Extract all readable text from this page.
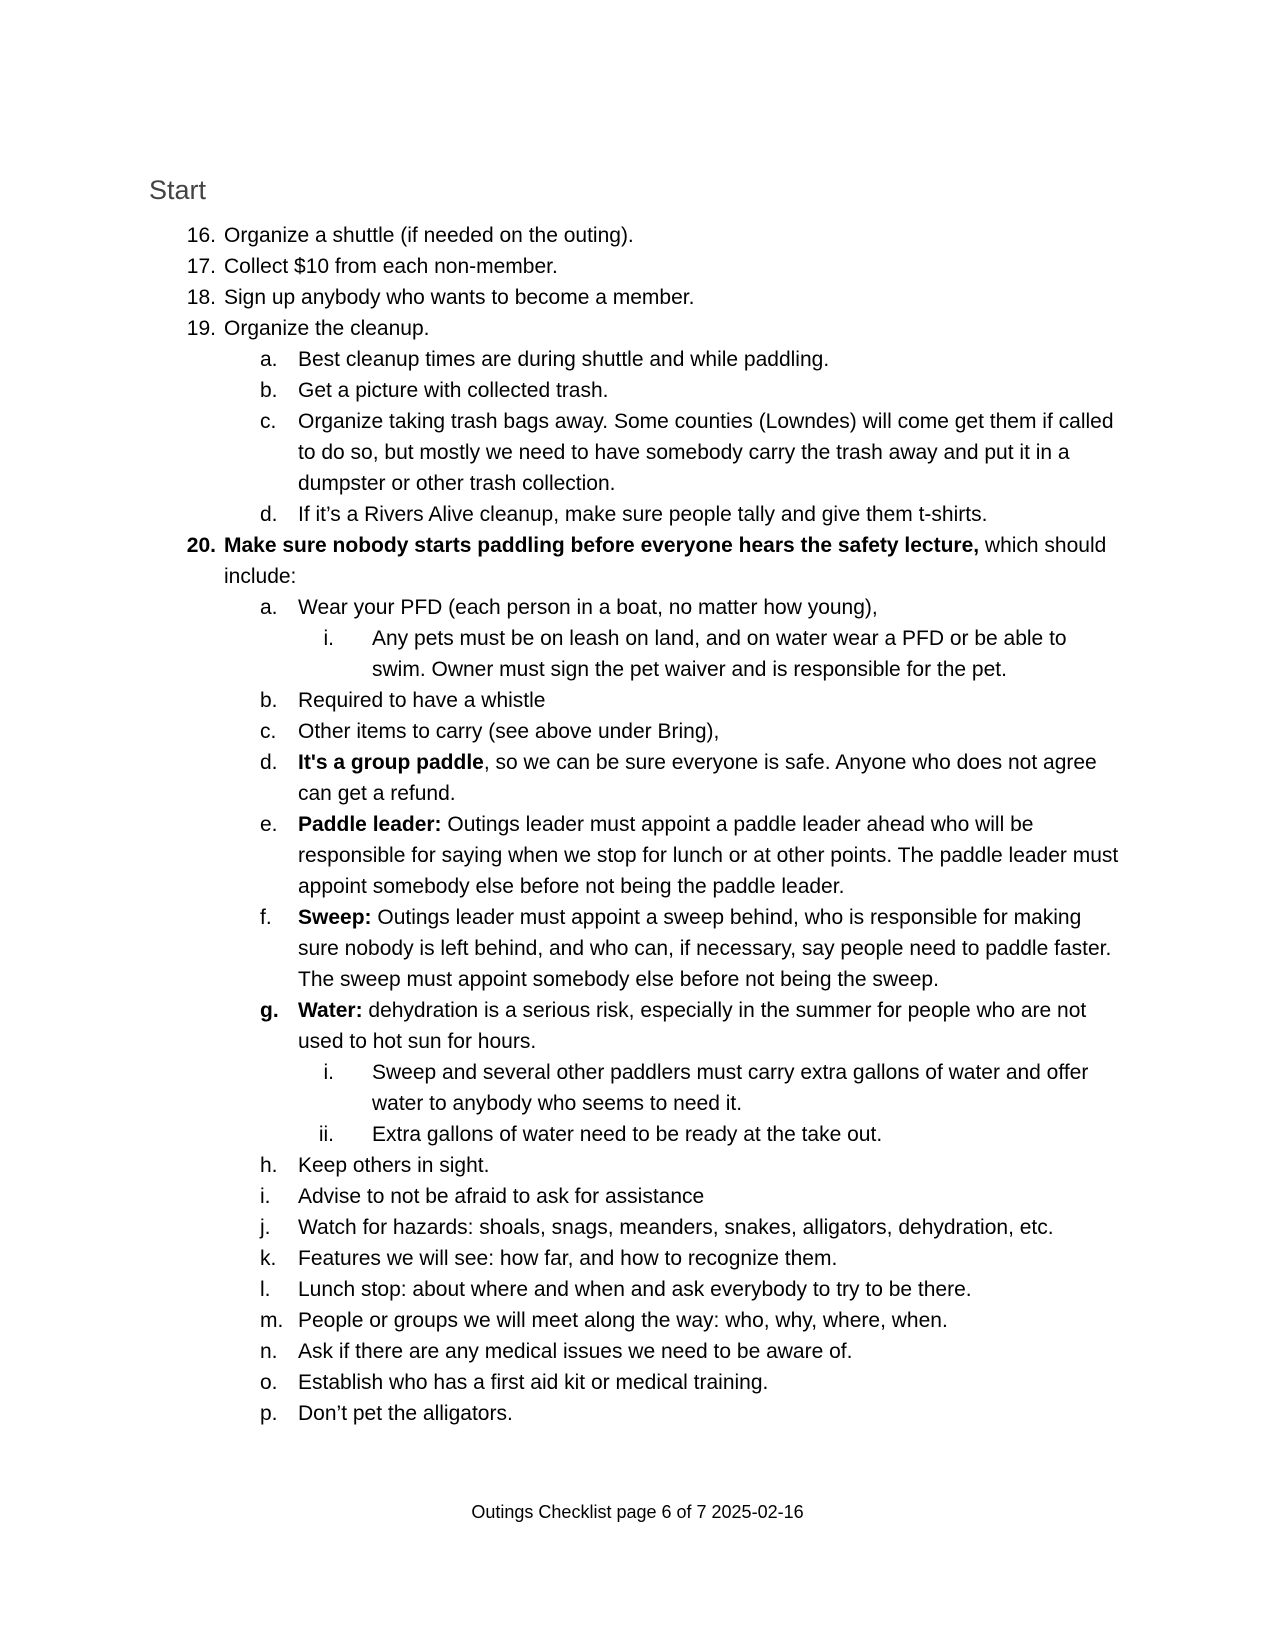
Start
16. Organize a shuttle (if needed on the outing).
17. Collect $10 from each non-member.
18. Sign up anybody who wants to become a member.
19. Organize the cleanup.
a. Best cleanup times are during shuttle and while paddling.
b. Get a picture with collected trash.
c. Organize taking trash bags away. Some counties (Lowndes) will come get them if called to do so, but mostly we need to have somebody carry the trash away and put it in a dumpster or other trash collection.
d. If it’s a Rivers Alive cleanup, make sure people tally and give them t-shirts.
20. Make sure nobody starts paddling before everyone hears the safety lecture, which should include:
a. Wear your PFD (each person in a boat, no matter how young),
i. Any pets must be on leash on land, and on water wear a PFD or be able to swim. Owner must sign the pet waiver and is responsible for the pet.
b. Required to have a whistle
c. Other items to carry (see above under Bring),
d. It's a group paddle, so we can be sure everyone is safe. Anyone who does not agree can get a refund.
e. Paddle leader: Outings leader must appoint a paddle leader ahead who will be responsible for saying when we stop for lunch or at other points. The paddle leader must appoint somebody else before not being the paddle leader.
f. Sweep: Outings leader must appoint a sweep behind, who is responsible for making sure nobody is left behind, and who can, if necessary, say people need to paddle faster. The sweep must appoint somebody else before not being the sweep.
g. Water: dehydration is a serious risk, especially in the summer for people who are not used to hot sun for hours.
i. Sweep and several other paddlers must carry extra gallons of water and offer water to anybody who seems to need it.
ii. Extra gallons of water need to be ready at the take out.
h. Keep others in sight.
i. Advise to not be afraid to ask for assistance
j. Watch for hazards: shoals, snags, meanders, snakes, alligators, dehydration, etc.
k. Features we will see: how far, and how to recognize them.
l. Lunch stop: about where and when and ask everybody to try to be there.
m. People or groups we will meet along the way: who, why, where, when.
n. Ask if there are any medical issues we need to be aware of.
o. Establish who has a first aid kit or medical training.
p. Don’t pet the alligators.
Outings Checklist page 6 of 7 2025-02-16
